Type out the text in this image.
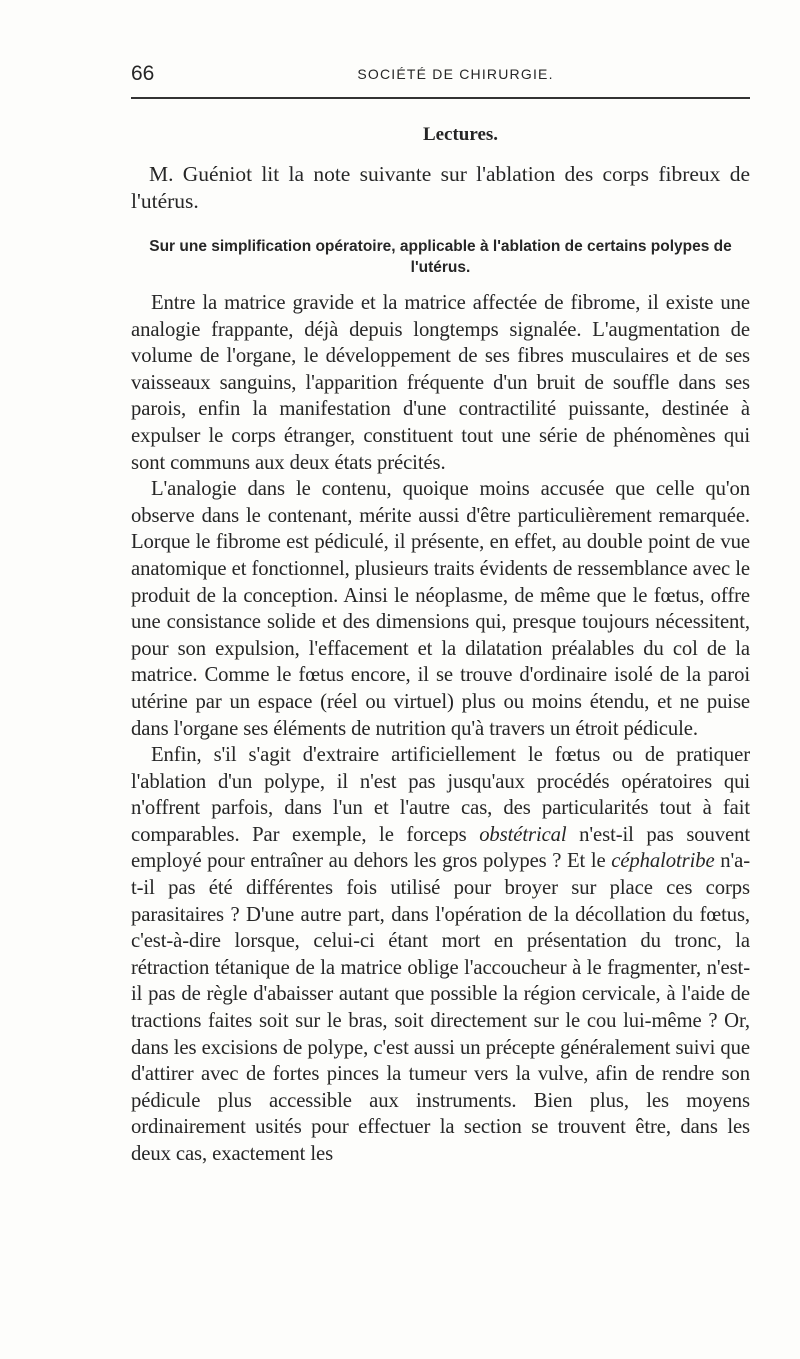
66	SOCIÉTÉ DE CHIRURGIE.
Lectures.

M. Guéniot lit la note suivante sur l'ablation des corps fibreux de l'utérus.

Sur une simplification opératoire, applicable à l'ablation de certains polypes de l'utérus.

Entre la matrice gravide et la matrice affectée de fibrome, il existe une analogie frappante, déjà depuis longtemps signalée. L'augmentation de volume de l'organe, le développement de ses fibres musculaires et de ses vaisseaux sanguins, l'apparition fréquente d'un bruit de souffle dans ses parois, enfin la manifestation d'une contractilité puissante, destinée à expulser le corps étranger, constituent tout une série de phénomènes qui sont communs aux deux états précités.

L'analogie dans le contenu, quoique moins accusée que celle qu'on observe dans le contenant, mérite aussi d'être particulièrement remarquée. Lorque le fibrome est pédiculé, il présente, en effet, au double point de vue anatomique et fonctionnel, plusieurs traits évidents de ressemblance avec le produit de la conception. Ainsi le néoplasme, de même que le fœtus, offre une consistance solide et des dimensions qui, presque toujours nécessitent, pour son expulsion, l'effacement et la dilatation préalables du col de la matrice. Comme le fœtus encore, il se trouve d'ordinaire isolé de la paroi utérine par un espace (réel ou virtuel) plus ou moins étendu, et ne puise dans l'organe ses éléments de nutrition qu'à travers un étroit pédicule.

Enfin, s'il s'agit d'extraire artificiellement le fœtus ou de pratiquer l'ablation d'un polype, il n'est pas jusqu'aux procédés opératoires qui n'offrent parfois, dans l'un et l'autre cas, des particularités tout à fait comparables. Par exemple, le forceps obstétrical n'est-il pas souvent employé pour entraîner au dehors les gros polypes ? Et le céphalotribe n'a-t-il pas été différentes fois utilisé pour broyer sur place ces corps parasitaires ? D'une autre part, dans l'opération de la décollation du fœtus, c'est-à-dire lorsque, celui-ci étant mort en présentation du tronc, la rétraction tétanique de la matrice oblige l'accoucheur à le fragmenter, n'est-il pas de règle d'abaisser autant que possible la région cervicale, à l'aide de tractions faites soit sur le bras, soit directement sur le cou lui-même ? Or, dans les excisions de polype, c'est aussi un précepte généralement suivi que d'attirer avec de fortes pinces la tumeur vers la vulve, afin de rendre son pédicule plus accessible aux instruments. Bien plus, les moyens ordinairement usités pour effectuer la section se trouvent être, dans les deux cas, exactement les
